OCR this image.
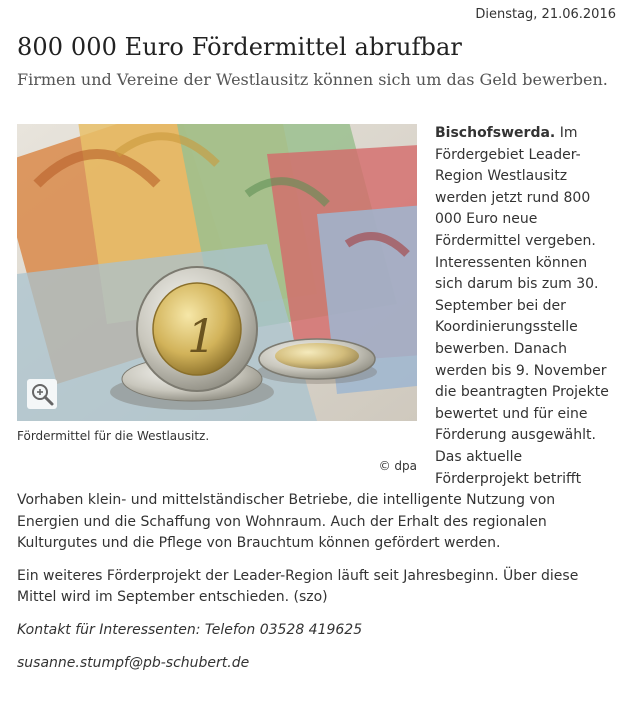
Dienstag, 21.06.2016
800 000 Euro Fördermittel abrufbar
Firmen und Vereine der Westlausitz können sich um das Geld bewerben.
1
Fördermittel für die Westlausitz.
© dpa

Bischofswerda. Im Fördergebiet Leader-Region Westlausitz werden jetzt rund 800 000 Euro neue Fördermittel vergeben. Interessenten können sich darum bis zum 30. September bei der Koordinierungsstelle bewerben. Danach werden bis 9. November die beantragten Projekte bewertet und für eine Förderung ausgewählt. Das aktuelle Förderprojekt betrifft Vorhaben klein- und mittelständischer Betriebe, die intelligente Nutzung von Energien und die Schaffung von Wohnraum. Auch der Erhalt des regionalen Kulturgutes und die Pflege von Brauchtum können gefördert werden.

Ein weiteres Förderprojekt der Leader-Region läuft seit Jahresbeginn. Über diese Mittel wird im September entschieden. (szo)

Kontakt für Interessenten: Telefon 03528 419625

susanne.stumpf@pb-schubert.de
